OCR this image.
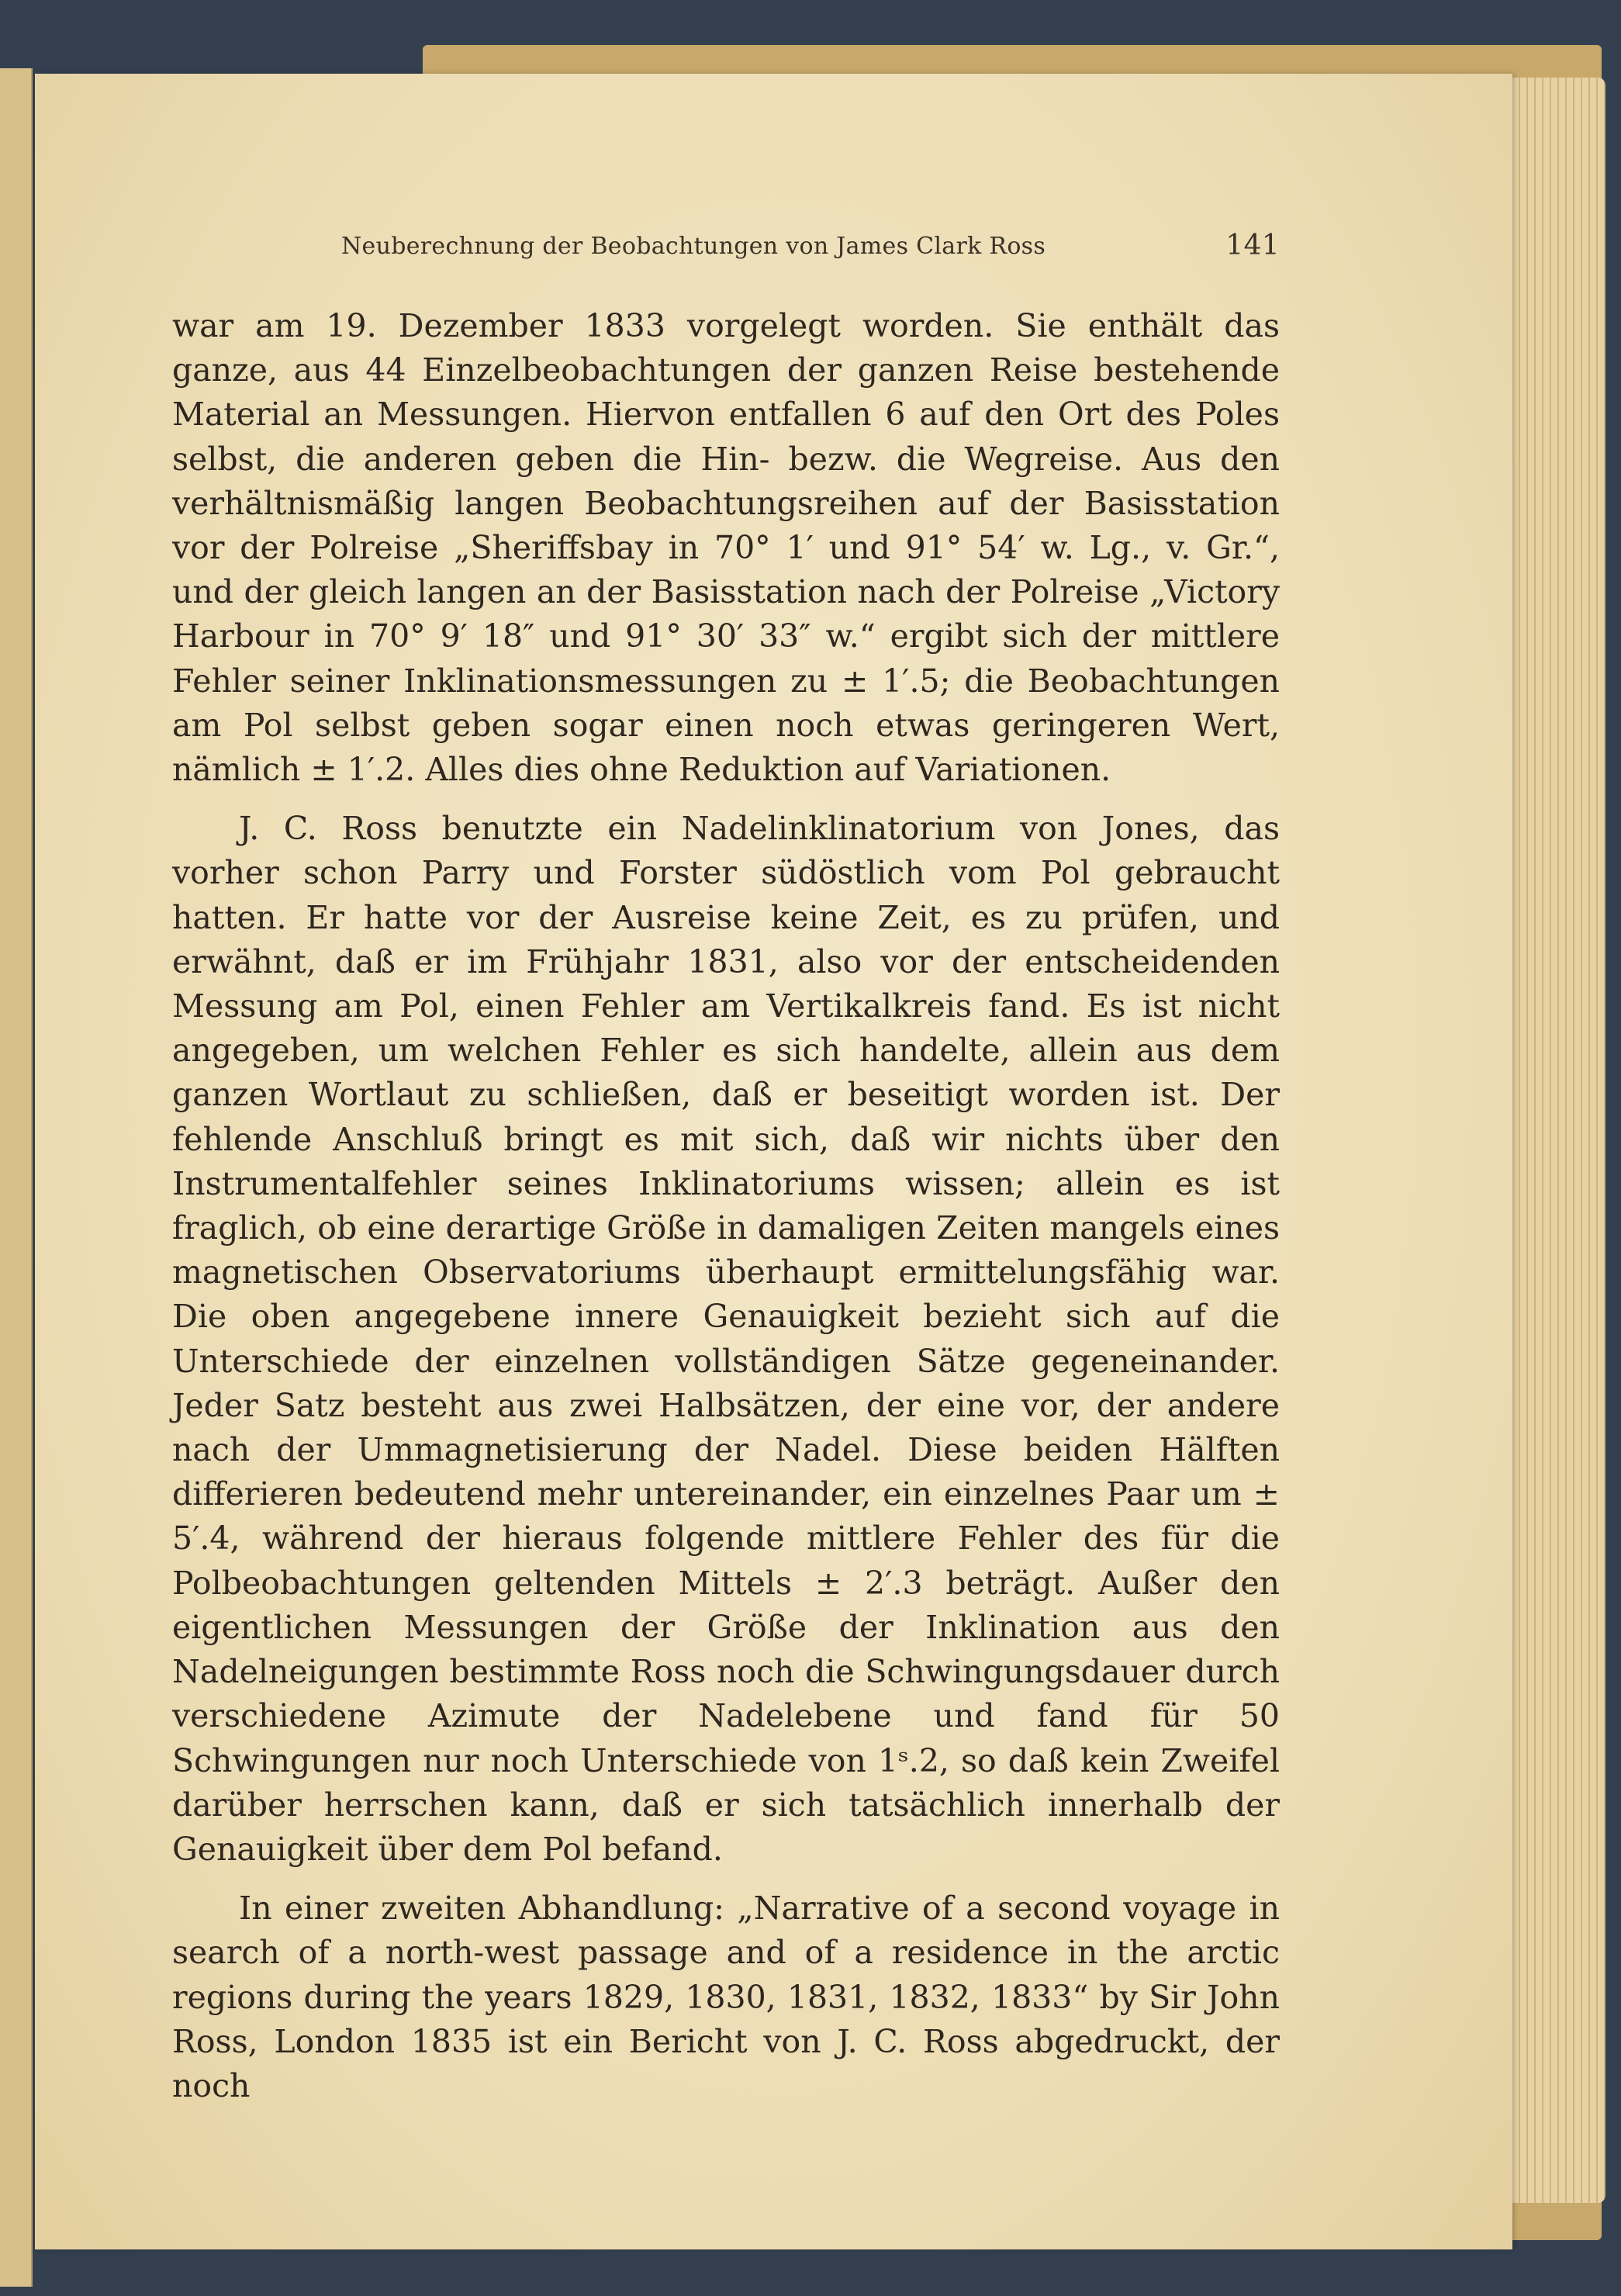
Neuberechnung der Beobachtungen von James Clark Ross	141

war am 19. Dezember 1833 vorgelegt worden. Sie enthält das ganze, aus 44 Einzelbeobachtungen der ganzen Reise bestehende Material an Messungen. Hiervon entfallen 6 auf den Ort des Poles selbst, die anderen geben die Hin- bezw. die Wegreise. Aus den verhältnismäßig langen Beobachtungsreihen auf der Basisstation vor der Polreise „Sheriffsbay in 70° 1′ und 91° 54′ w. Lg., v. Gr.“, und der gleich langen an der Basisstation nach der Polreise „Victory Harbour in 70° 9′ 18″ und 91° 30′ 33″ w.“ ergibt sich der mittlere Fehler seiner Inklinationsmessungen zu ± 1′.5; die Beobachtungen am Pol selbst geben sogar einen noch etwas geringeren Wert, nämlich ± 1′.2. Alles dies ohne Reduktion auf Variationen.

J. C. Ross benutzte ein Nadelinklinatorium von Jones, das vorher schon Parry und Forster südöstlich vom Pol gebraucht hatten. Er hatte vor der Ausreise keine Zeit, es zu prüfen, und erwähnt, daß er im Frühjahr 1831, also vor der entscheidenden Messung am Pol, einen Fehler am Vertikalkreis fand. Es ist nicht angegeben, um welchen Fehler es sich handelte, allein aus dem ganzen Wortlaut zu schließen, daß er beseitigt worden ist. Der fehlende Anschluß bringt es mit sich, daß wir nichts über den Instrumentalfehler seines Inklinatoriums wissen; allein es ist fraglich, ob eine derartige Größe in damaligen Zeiten mangels eines magnetischen Observatoriums überhaupt ermittelungsfähig war. Die oben angegebene innere Genauigkeit bezieht sich auf die Unterschiede der einzelnen vollständigen Sätze gegeneinander. Jeder Satz besteht aus zwei Halbsätzen, der eine vor, der andere nach der Ummagnetisierung der Nadel. Diese beiden Hälften differieren bedeutend mehr untereinander, ein einzelnes Paar um ± 5′.4, während der hieraus folgende mittlere Fehler des für die Polbeobachtungen geltenden Mittels ± 2′.3 beträgt. Außer den eigentlichen Messungen der Größe der Inklination aus den Nadelneigungen bestimmte Ross noch die Schwingungsdauer durch verschiedene Azimute der Nadelebene und fand für 50 Schwingungen nur noch Unterschiede von 1ˢ.2, so daß kein Zweifel darüber herrschen kann, daß er sich tatsächlich innerhalb der Genauigkeit über dem Pol befand.

In einer zweiten Abhandlung: „Narrative of a second voyage in search of a north-west passage and of a residence in the arctic regions during the years 1829, 1830, 1831, 1832, 1833“ by Sir John Ross, London 1835 ist ein Bericht von J. C. Ross abgedruckt, der noch
